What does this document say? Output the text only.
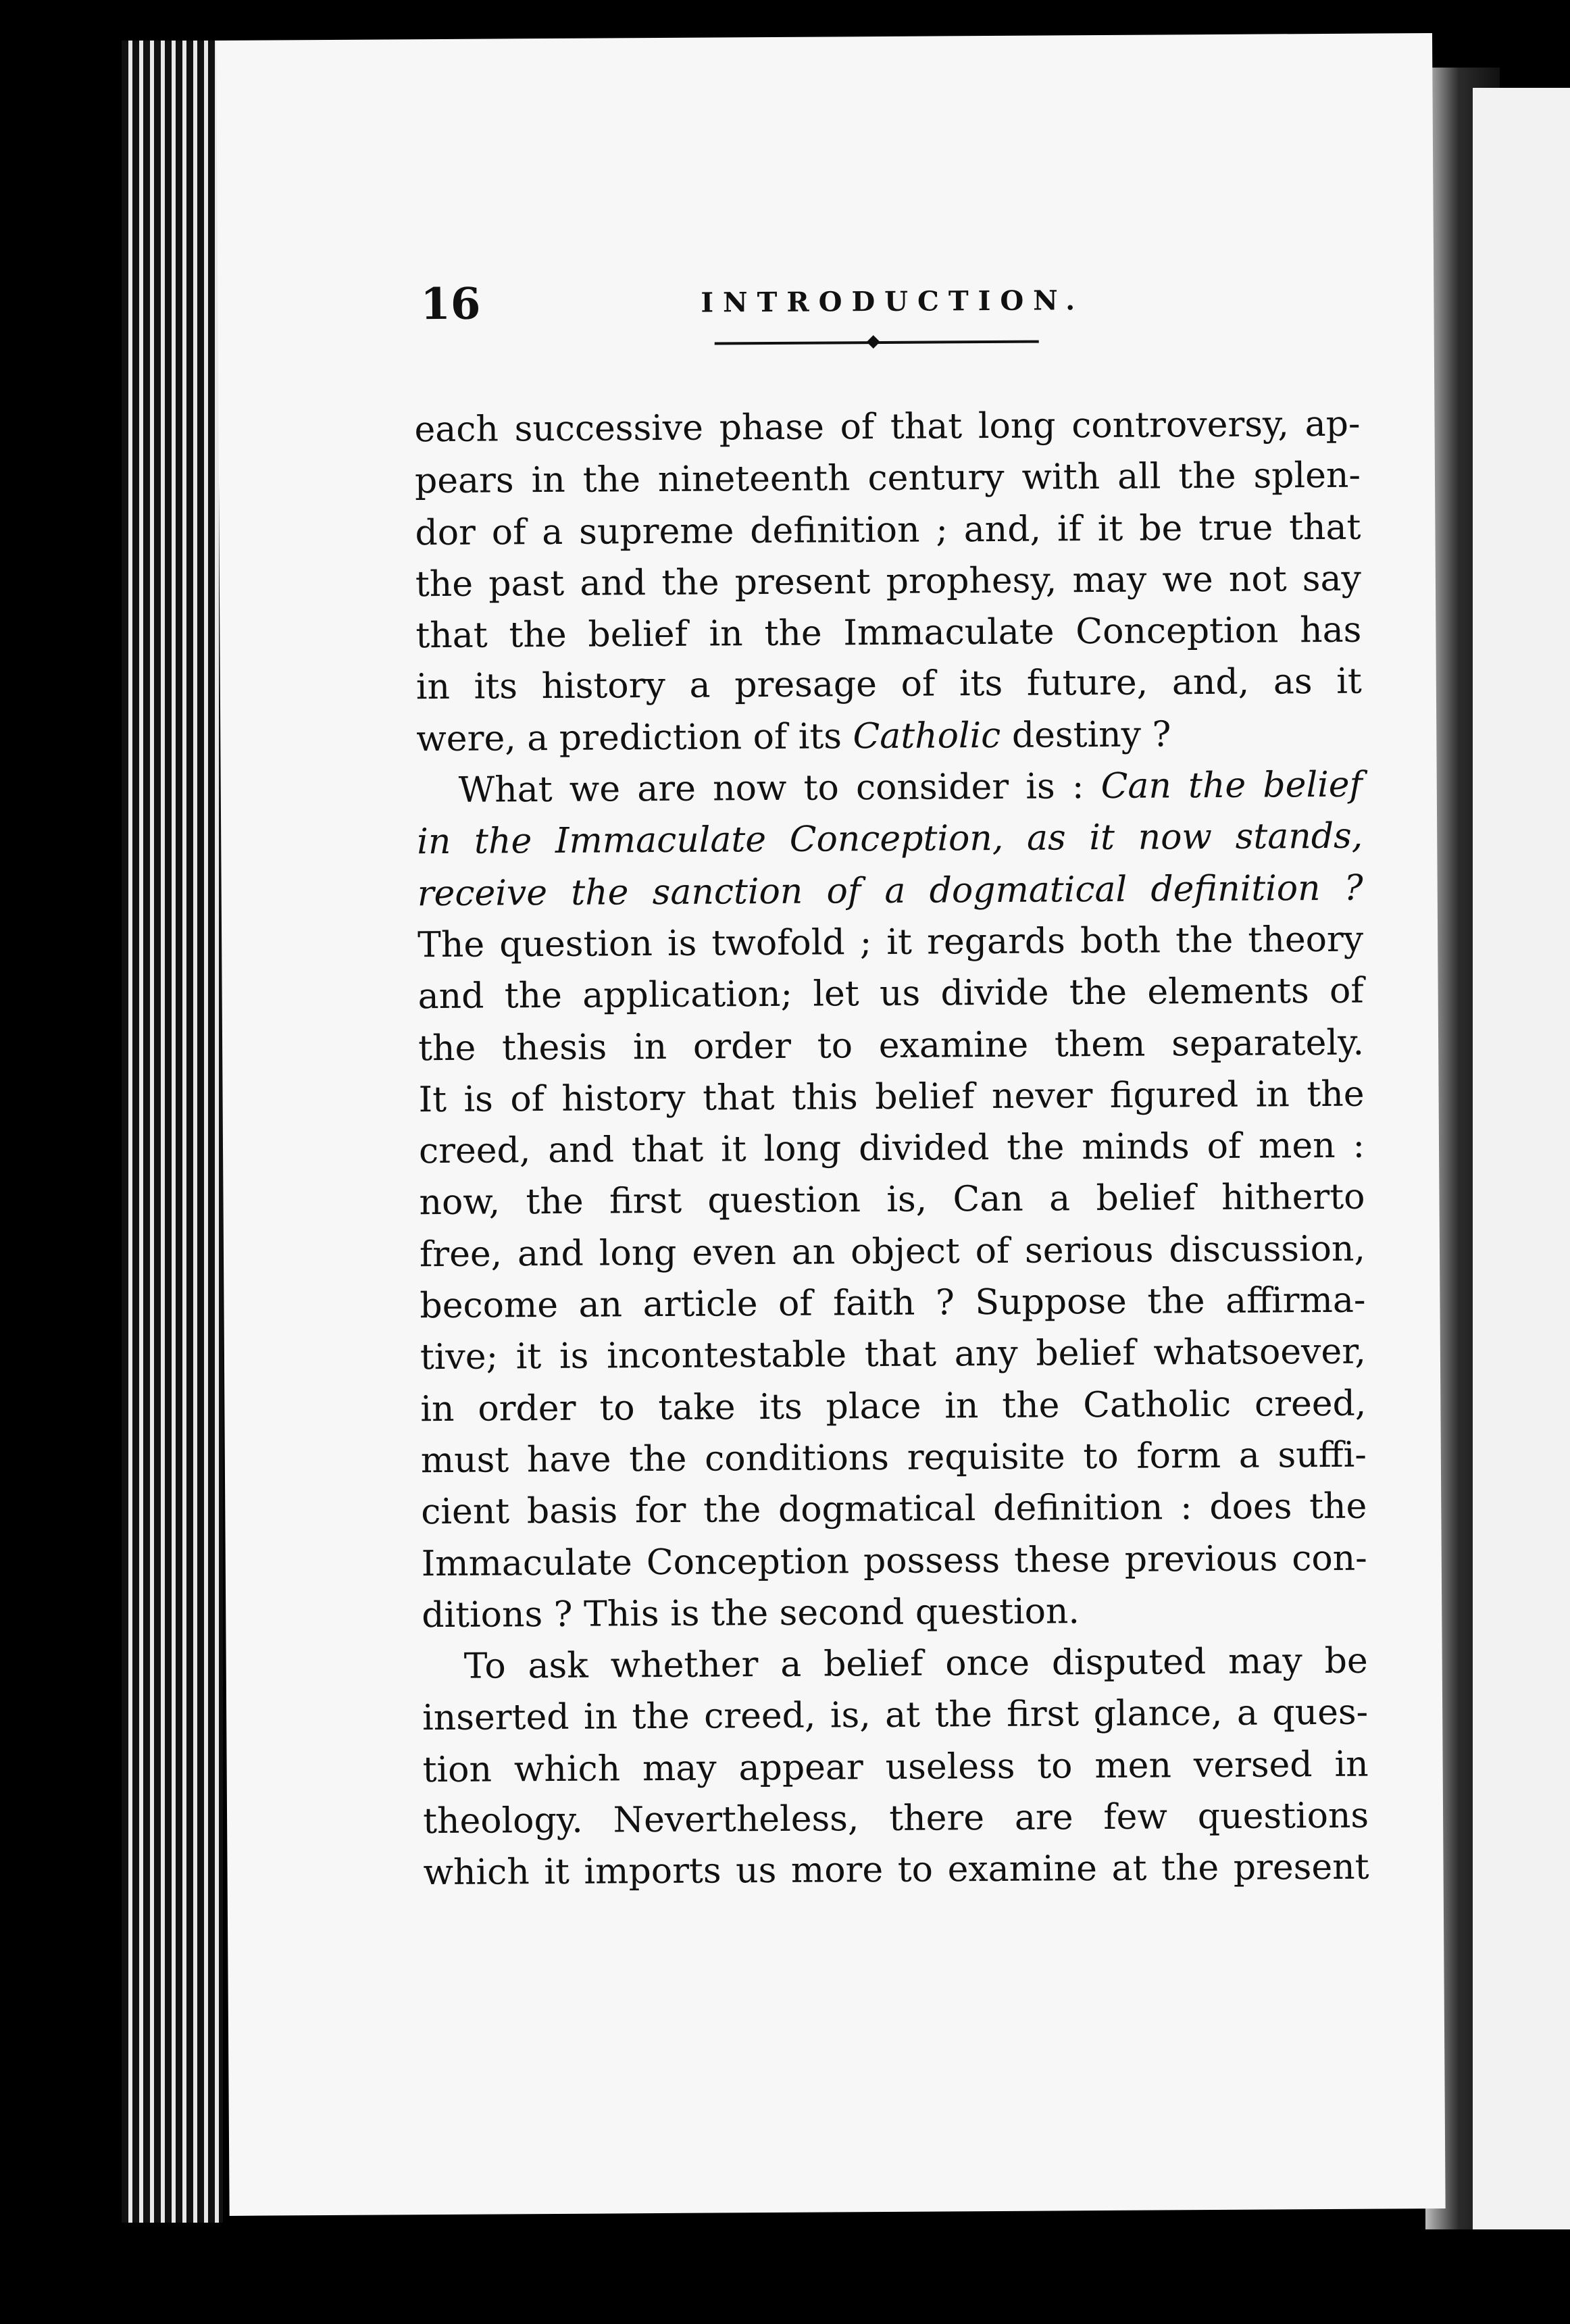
16	INTRODUCTION.
each successive phase of that long controversy, ap-
pears in the nineteenth century with all the splen-
dor of a supreme definition ; and, if it be true that
the past and the present prophesy, may we not say
that the belief in the Immaculate Conception has
in its history a presage of its future, and, as it
were, a prediction of its Catholic destiny ?
What we are now to consider is : Can the belief
in the Immaculate Conception, as it now stands,
receive the sanction of a dogmatical definition ?
The question is twofold ; it regards both the theory
and the application; let us divide the elements of
the thesis in order to examine them separately.
It is of history that this belief never figured in the
creed, and that it long divided the minds of men :
now, the first question is, Can a belief hitherto
free, and long even an object of serious discussion,
become an article of faith ? Suppose the affirma-
tive; it is incontestable that any belief whatsoever,
in order to take its place in the Catholic creed,
must have the conditions requisite to form a suffi-
cient basis for the dogmatical definition : does the
Immaculate Conception possess these previous con-
ditions ? This is the second question.
To ask whether a belief once disputed may be
inserted in the creed, is, at the first glance, a ques-
tion which may appear useless to men versed in
theology. Nevertheless, there are few questions
which it imports us more to examine at the present
